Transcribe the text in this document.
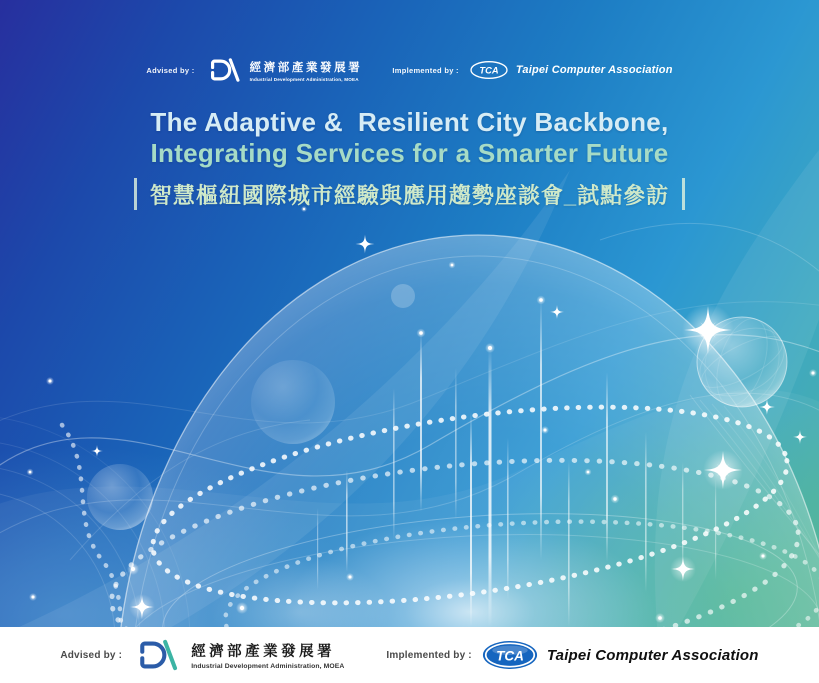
Advised by :	經濟部產業發展署
Industrial Development Administration, MOEA
Implemented by : TCA Taipei Computer Association
The Adaptive &  Resilient City Backbone,
Integrating Services for a Smarter Future
智慧樞紐國際城市經驗與應用趨勢座談會_試點參訪
Advised by :	經濟部產業發展署
Industrial Development Administration, MOEA
Implemented by : TCA Taipei Computer Association
